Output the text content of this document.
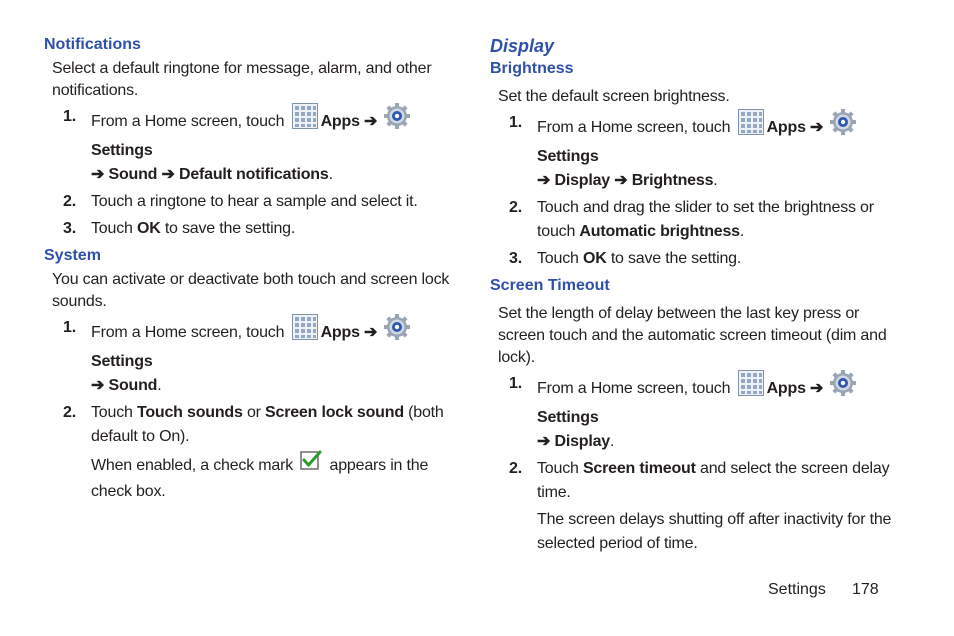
Notifications

Select a default ringtone for message, alarm, and other notifications.

1. From a Home screen, touch Apps ➔ Settings
➔ Sound ➔ Default notifications.
2. Touch a ringtone to hear a sample and select it.
3. Touch OK to save the setting.
System

You can activate or deactivate both touch and screen lock sounds.

1. From a Home screen, touch Apps ➔ Settings
➔ Sound.
2. Touch Touch sounds or Screen lock sound (both default to On).
When enabled, a check mark appears in the check box.
Display
Brightness

Set the default screen brightness.

1. From a Home screen, touch Apps ➔ Settings
➔ Display ➔ Brightness.
2. Touch and drag the slider to set the brightness or touch Automatic brightness.
3. Touch OK to save the setting.
Screen Timeout

Set the length of delay between the last key press or screen touch and the automatic screen timeout (dim and lock).

1. From a Home screen, touch Apps ➔ Settings
➔ Display.
2. Touch Screen timeout and select the screen delay time.
The screen delays shutting off after inactivity for the selected period of time.
Settings 178
